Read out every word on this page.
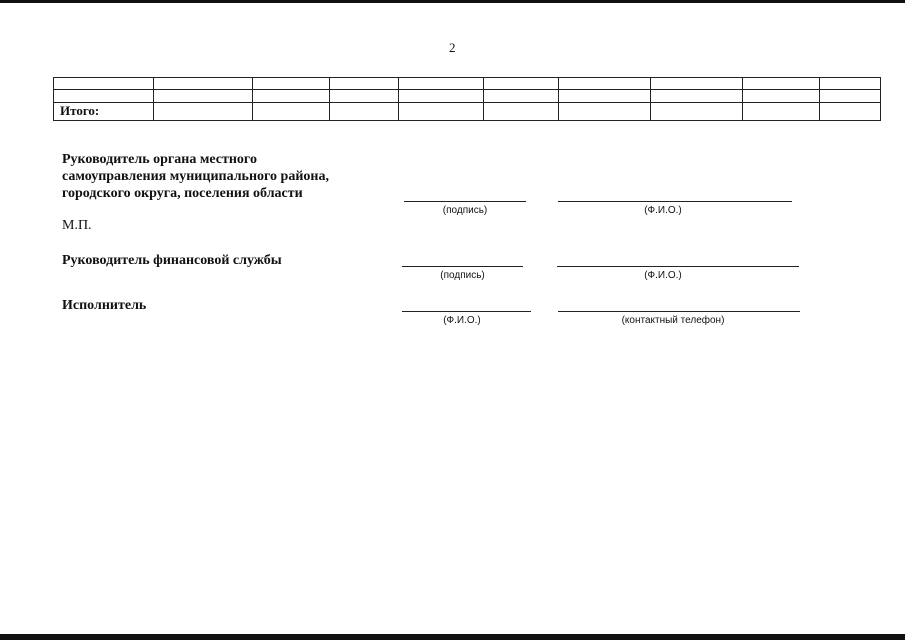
2
Итого:
Руководитель органа местного
самоуправления муниципального района,
городского округа, поселения области
(подпись)	(Ф.И.О.)
М.П.
Руководитель финансовой службы
(подпись)	(Ф.И.О.)
Исполнитель
(Ф.И.О.)	(контактный телефон)
